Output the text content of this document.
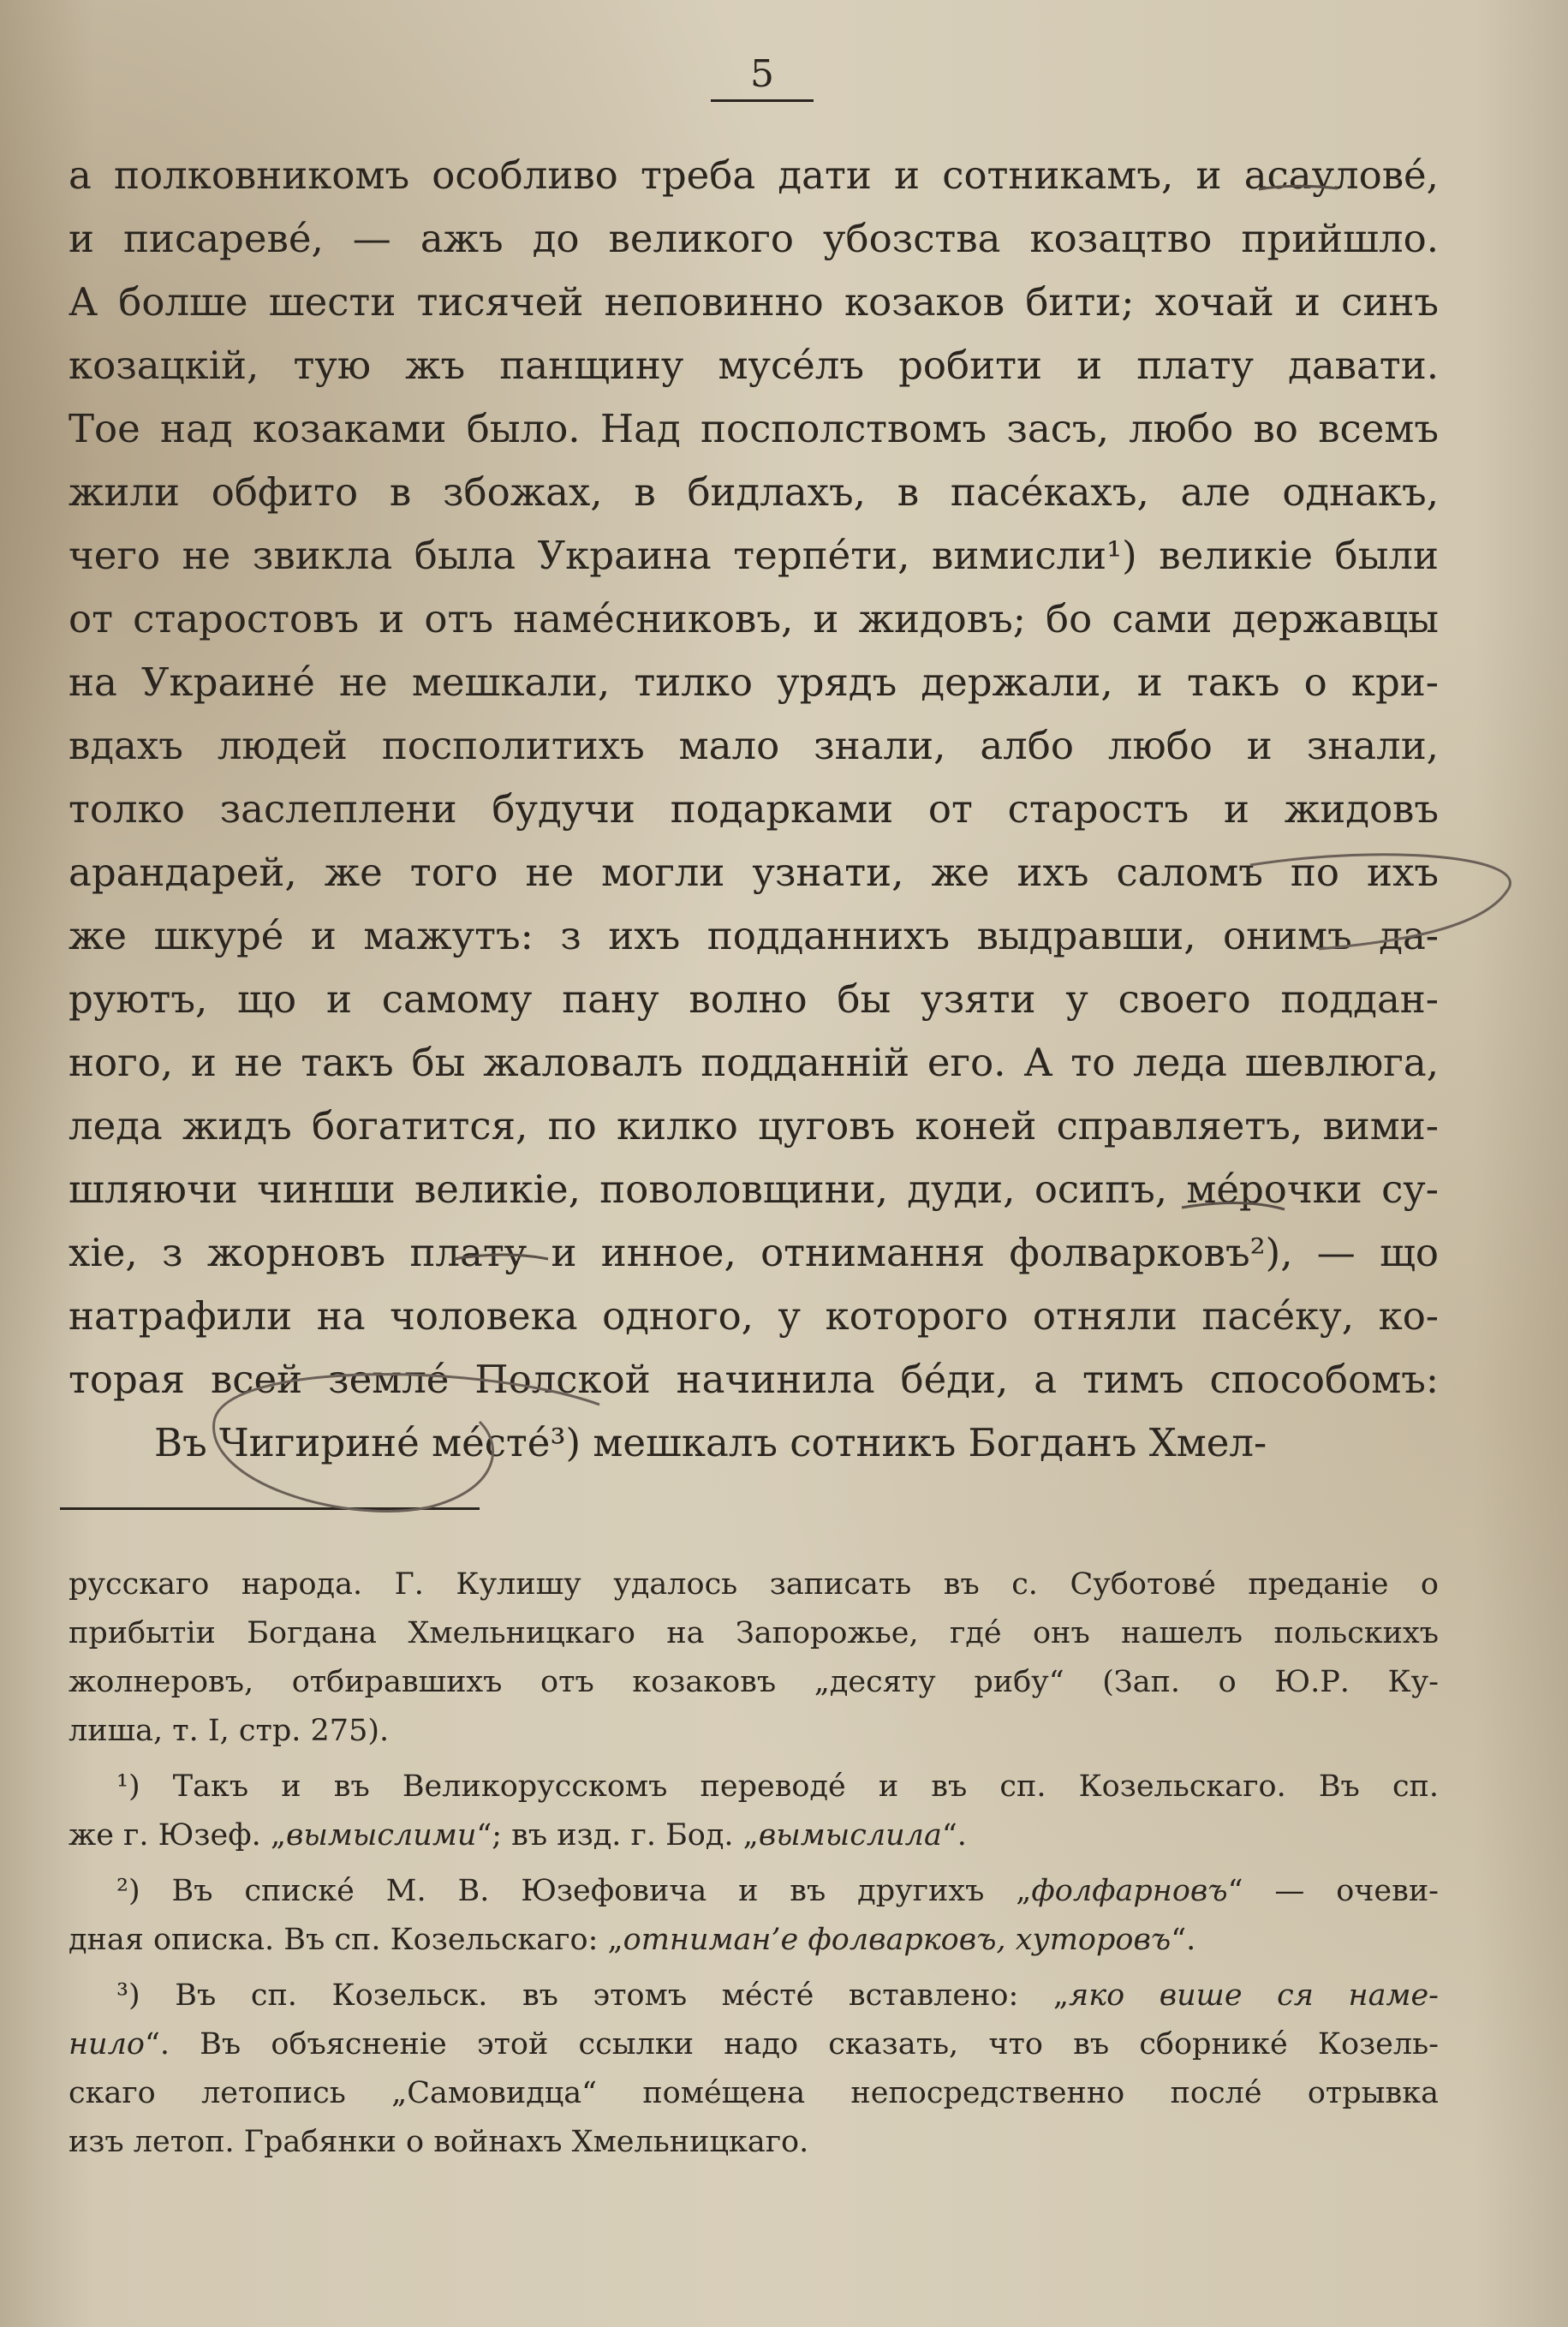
5
а полковникомъ особливо треба дати и сотникамъ, и асаулове́,
и писареве́, — ажъ до великого убозства козацтво прийшло.
А болше шести тисячей неповинно козаков бити; хочай и синъ
козацкій, тую жъ панщину мусе́лъ робити и плату давати.
Тое над козаками было. Над посполствомъ засъ, любо во всемъ
жили обфито в збожах, в бидлахъ, в пасе́кахъ, але однакъ,
чего не звикла была Украина терпе́ти, вимисли¹) великіе были
от старостовъ и отъ наме́сниковъ, и жидовъ; бо сами державцы
на Украине́ не мешкали, тилко урядъ держали, и такъ о кри-
вдахъ людей посполитихъ мало знали, албо любо и знали,
толко заслеплени будучи подарками от старостъ и жидовъ
арандарей, же того не могли узнати, же ихъ саломъ по ихъ
же шкуре́ и мажутъ: з ихъ подданнихъ выдравши, онимъ да-
руютъ, що и самому пану волно бы узяти у своего поддан-
ного, и не такъ бы жаловалъ подданній его. А то леда шевлюга,
леда жидъ богатится, по килко цуговъ коней справляетъ, вими-
шляючи чинши великіе, поволовщини, дуди, осипъ, ме́рочки су-
хіе, з жорновъ плату и инное, отнимання фолварковъ²), — що
натрафили на чоловека одного, у которого отняли пасе́ку, ко-
торая всей земле́ Полской начинила бе́ди, а тимъ способомъ:
Въ Чигирине́ ме́сте́³) мешкалъ сотникъ Богданъ Хмел-
русскаго народа. Г. Кулишу удалось записать въ с. Суботове́ преданіе о
прибытіи Богдана Хмельницкаго на Запорожье, где́ онъ нашелъ польскихъ
жолнеровъ, отбиравшихъ отъ козаковъ „десяту рибу“ (Зап. о Ю.Р. Ку-
лиша, т. I, стр. 275).
¹) Такъ и въ Великорусскомъ переводе́ и въ сп. Козельскаго. Въ сп.
же г. Юзеф. „вымыслими“; въ изд. г. Бод. „вымыслила“.
²) Въ списке́ М. В. Юзефовича и въ другихъ „фолфарновъ“ — очеви-
дная описка. Въ сп. Козельскаго: „отниман’е фолварковъ, хуторовъ“.
³) Въ сп. Козельск. въ этомъ ме́сте́ вставлено: „яко више ся наме-
нило“. Въ объясненіе этой ссылки надо сказать, что въ сборнике́ Козель-
скаго летопись „Самовидца“ поме́щена непосредственно после́ отрывка
изъ летоп. Грабянки о войнахъ Хмельницкаго.
